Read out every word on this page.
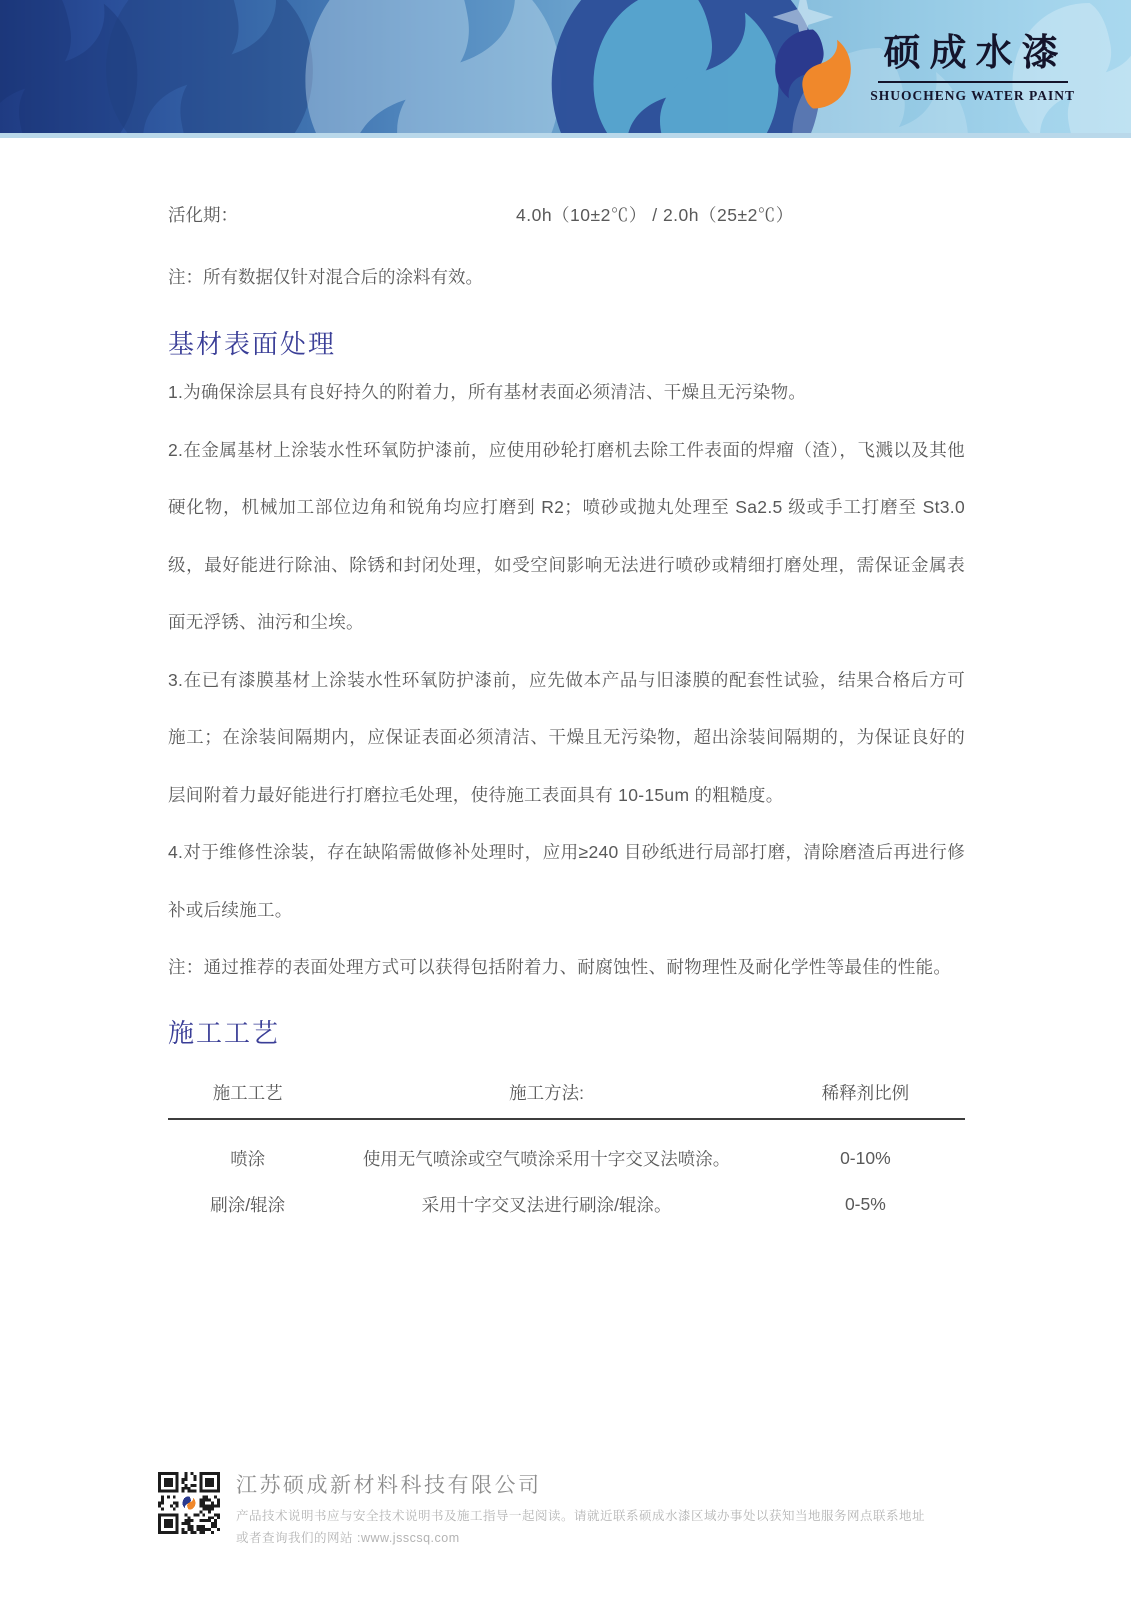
硕成水漆
SHUOCHENG WATER PAINT
活化期：	4.0h（10±2℃） / 2.0h（25±2℃）

注：所有数据仅针对混合后的涂料有效。

基材表面处理

1.为确保涂层具有良好持久的附着力，所有基材表面必须清洁、干燥且无污染物。

2.在金属基材上涂装水性环氧防护漆前，应使用砂轮打磨机去除工件表面的焊瘤（渣），飞溅以及其他硬化物，机械加工部位边角和锐角均应打磨到 R2；喷砂或抛丸处理至 Sa2.5 级或手工打磨至 St3.0 级，最好能进行除油、除锈和封闭处理，如受空间影响无法进行喷砂或精细打磨处理，需保证金属表面无浮锈、油污和尘埃。

3.在已有漆膜基材上涂装水性环氧防护漆前，应先做本产品与旧漆膜的配套性试验，结果合格后方可施工；在涂装间隔期内，应保证表面必须清洁、干燥且无污染物，超出涂装间隔期的，为保证良好的层间附着力最好能进行打磨拉毛处理，使待施工表面具有 10-15um 的粗糙度。

4.对于维修性涂装，存在缺陷需做修补处理时，应用≥240 目砂纸进行局部打磨，清除磨渣后再进行修补或后续施工。

注：通过推荐的表面处理方式可以获得包括附着力、耐腐蚀性、耐物理性及耐化学性等最佳的性能。

施工工艺
施工工艺	施工方法:	稀释剂比例
喷涂	使用无气喷涂或空气喷涂采用十字交叉法喷涂。	0-10%
刷涂/辊涂	采用十字交叉法进行刷涂/辊涂。	0-5%
江苏硕成新材料科技有限公司
产品技术说明书应与安全技术说明书及施工指导一起阅读。请就近联系硕成水漆区域办事处以获知当地服务网点联系地址
或者查询我们的网站 :www.jsscsq.com
